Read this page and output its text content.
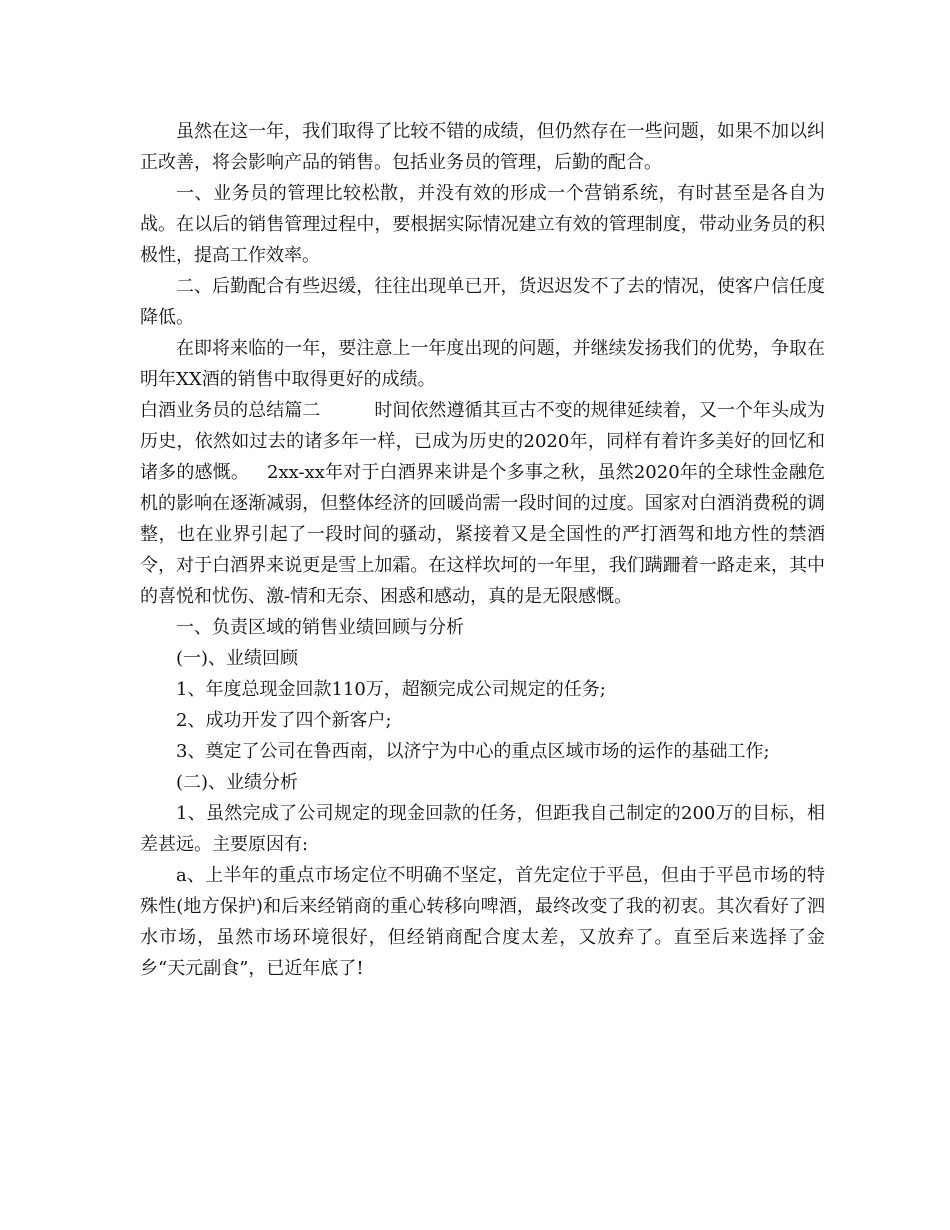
虽然在这一年，我们取得了比较不错的成绩，但仍然存在一些问题，如果不加以纠正改善，将会影响产品的销售。包括业务员的管理，后勤的配合。

一、业务员的管理比较松散，并没有效的形成一个营销系统，有时甚至是各自为战。在以后的销售管理过程中，要根据实际情况建立有效的管理制度，带动业务员的积极性，提高工作效率。

二、后勤配合有些迟缓，往往出现单已开，货迟迟发不了去的情况，使客户信任度降低。

在即将来临的一年，要注意上一年度出现的问题，并继续发扬我们的优势，争取在明年XX酒的销售中取得更好的成绩。

白酒业务员的总结篇二	时间依然遵循其亘古不变的规律延续着，又一个年头成为历史，依然如过去的诸多年一样，已成为历史的2020年，同样有着许多美好的回忆和诸多的感慨。 2xx-xx年对于白酒界来讲是个多事之秋，虽然2020年的全球性金融危机的影响在逐渐减弱，但整体经济的回暖尚需一段时间的过度。国家对白酒消费税的调整，也在业界引起了一段时间的骚动，紧接着又是全国性的严打酒驾和地方性的禁酒令，对于白酒界来说更是雪上加霜。在这样坎坷的一年里，我们蹒跚着一路走来，其中的喜悦和忧伤、激-情和无奈、困惑和感动，真的是无限感慨。

一、负责区域的销售业绩回顾与分析

(一)、业绩回顾

1、年度总现金回款110万，超额完成公司规定的任务;

2、成功开发了四个新客户;

3、奠定了公司在鲁西南，以济宁为中心的重点区域市场的运作的基础工作;

(二)、业绩分析

1、虽然完成了公司规定的现金回款的任务，但距我自己制定的200万的目标，相差甚远。主要原因有:

a、上半年的重点市场定位不明确不坚定，首先定位于平邑，但由于平邑市场的特殊性(地方保护)和后来经销商的重心转移向啤酒，最终改变了我的初衷。其次看好了泗水市场，虽然市场环境很好，但经销商配合度太差，又放弃了。直至后来选择了金乡“天元副食”，已近年底了!
